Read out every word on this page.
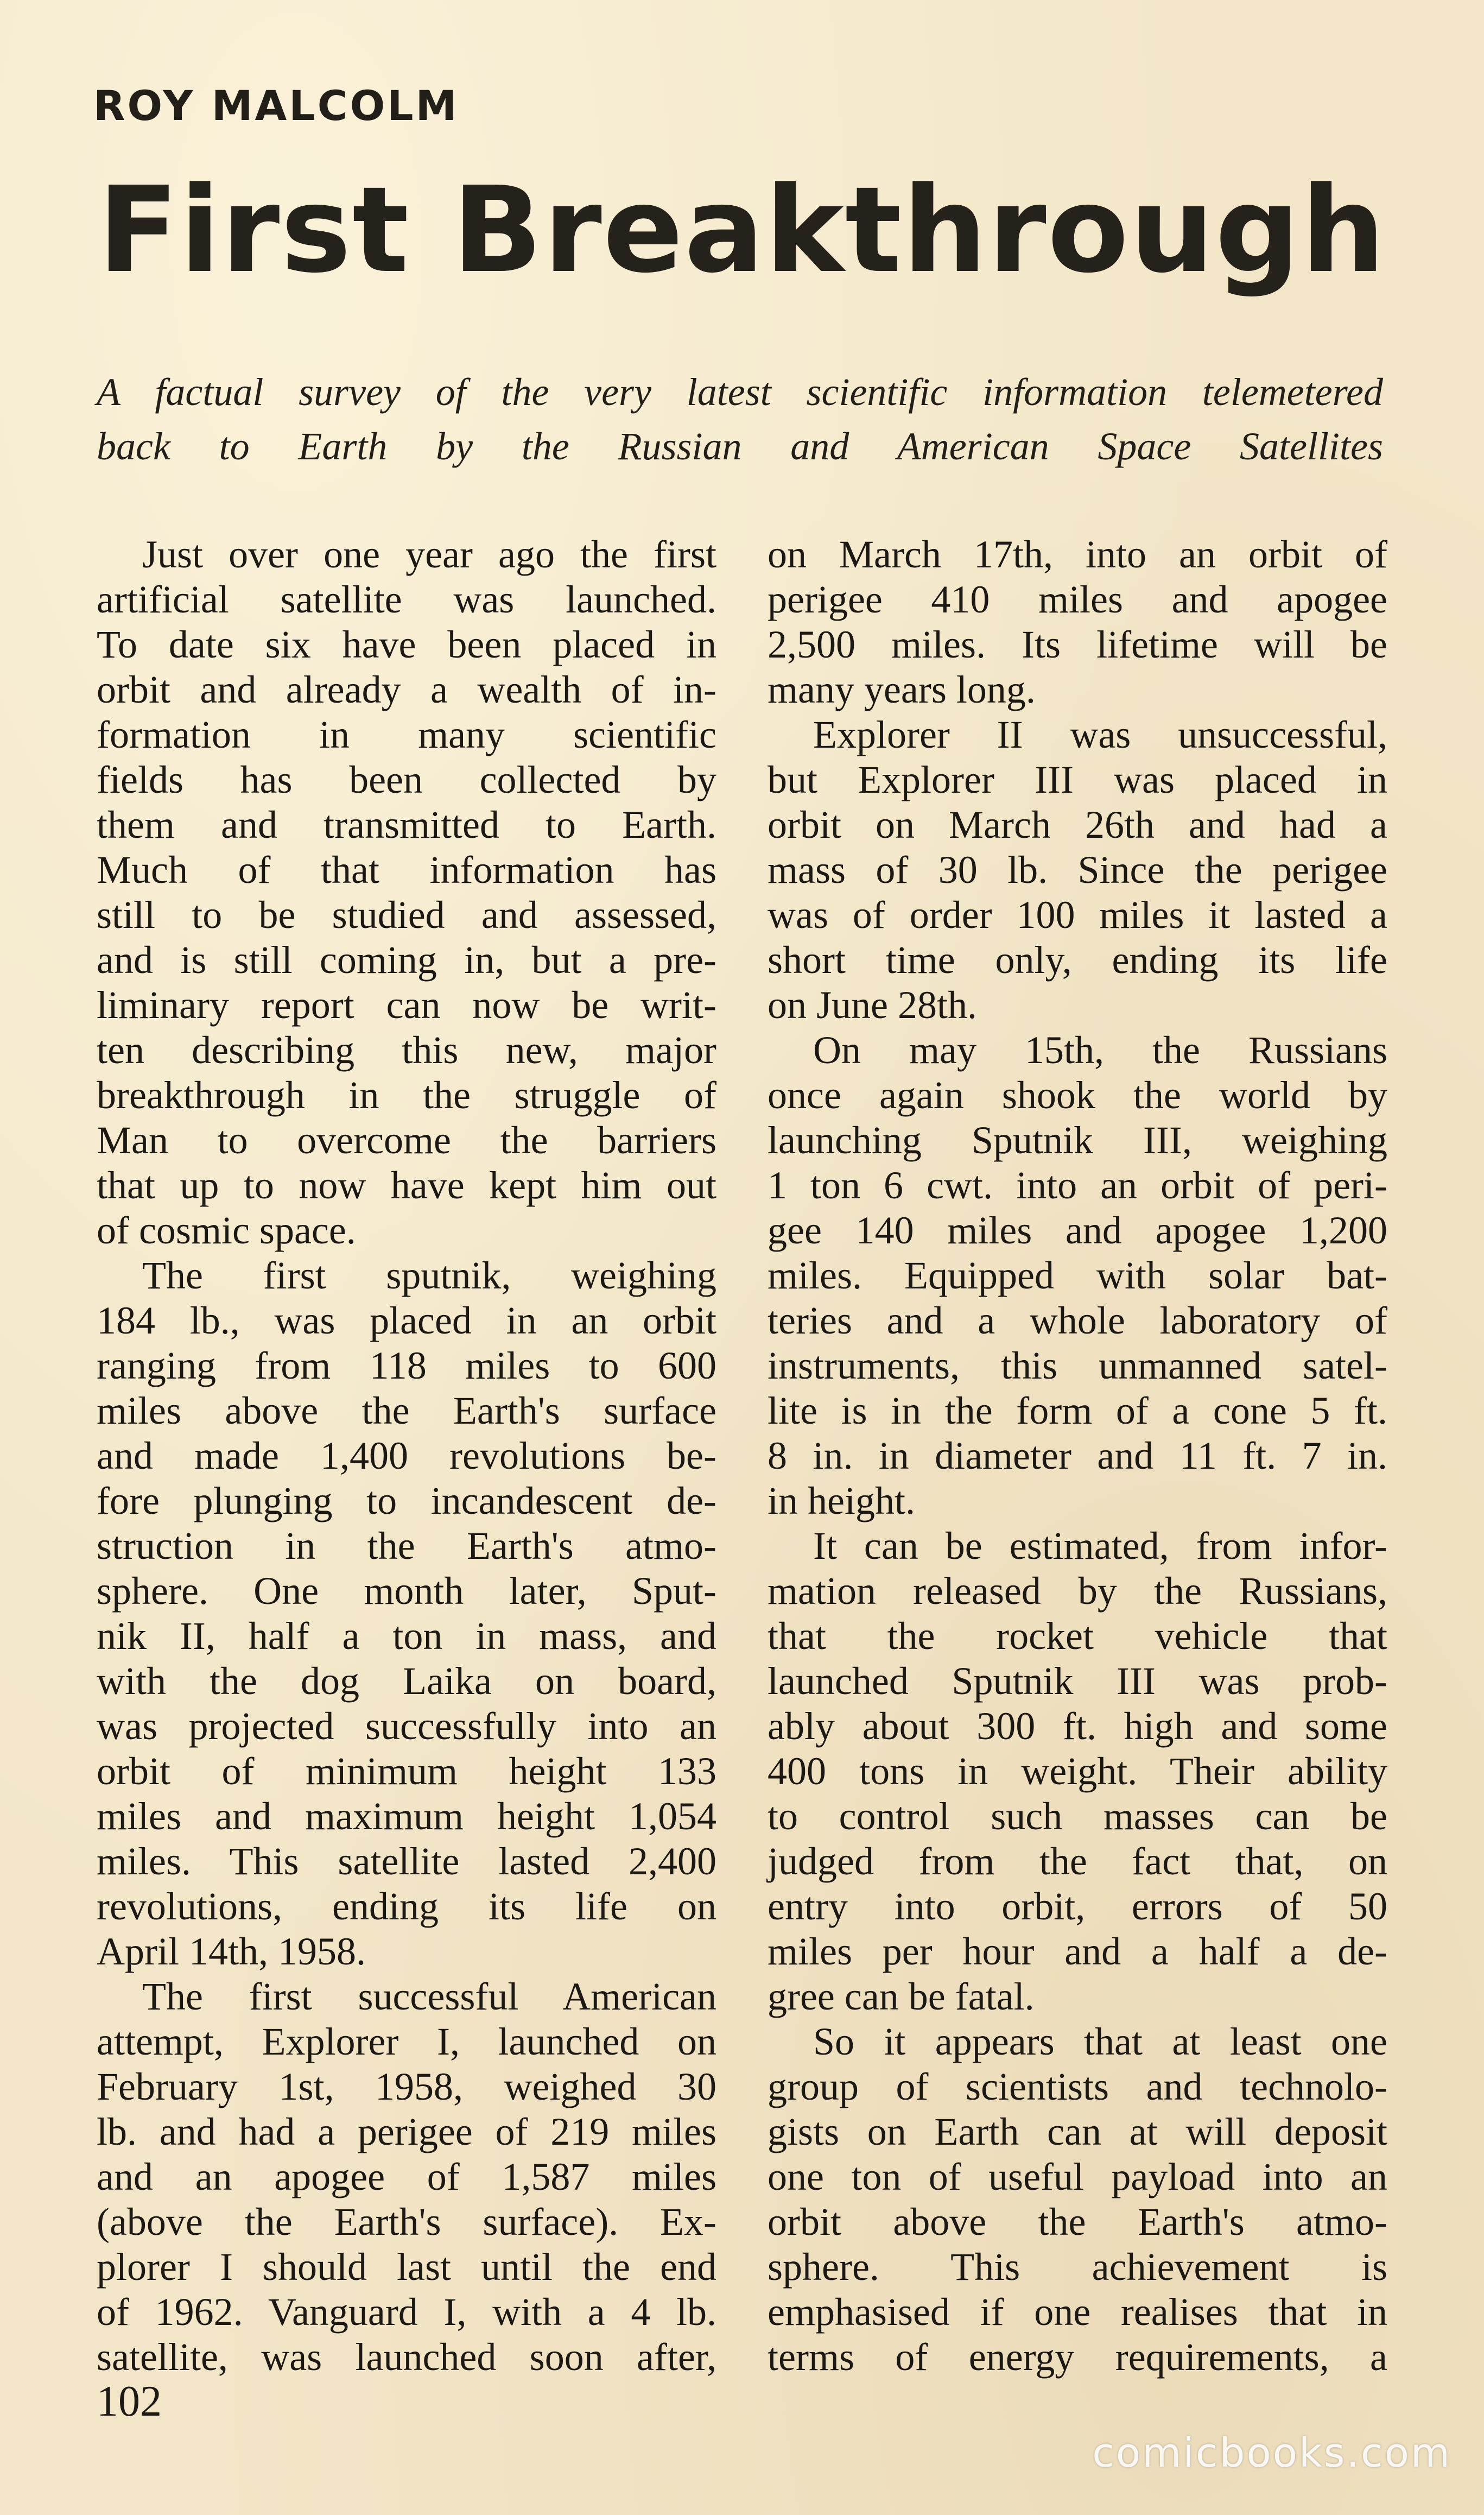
ROY MALCOLM
First Breakthrough

A factual survey of the very latest scientific information telemetered

back to Earth by the Russian and American Space Satellites

Just over one year ago the first
artificial satellite was launched.
To date six have been placed in
orbit and already a wealth of in-
formation in many scientific
fields has been collected by
them and transmitted to Earth.
Much of that information has
still to be studied and assessed,
and is still coming in, but a pre-
liminary report can now be writ-
ten describing this new, major
breakthrough in the struggle of
Man to overcome the barriers
that up to now have kept him out
of cosmic space.
The first sputnik, weighing
184 lb., was placed in an orbit
ranging from 118 miles to 600
miles above the Earth's surface
and made 1,400 revolutions be-
fore plunging to incandescent de-
struction in the Earth's atmo-
sphere. One month later, Sput-
nik II, half a ton in mass, and
with the dog Laika on board,
was projected successfully into an
orbit of minimum height 133
miles and maximum height 1,054
miles. This satellite lasted 2,400
revolutions, ending its life on
April 14th, 1958.
The first successful American
attempt, Explorer I, launched on
February 1st, 1958, weighed 30
lb. and had a perigee of 219 miles
and an apogee of 1,587 miles
(above the Earth's surface). Ex-
plorer I should last until the end
of 1962. Vanguard I, with a 4 lb.
satellite, was launched soon after,
on March 17th, into an orbit of
perigee 410 miles and apogee
2,500 miles. Its lifetime will be
many years long.
Explorer II was unsuccessful,
but Explorer III was placed in
orbit on March 26th and had a
mass of 30 lb. Since the perigee
was of order 100 miles it lasted a
short time only, ending its life
on June 28th.
On may 15th, the Russians
once again shook the world by
launching Sputnik III, weighing
1 ton 6 cwt. into an orbit of peri-
gee 140 miles and apogee 1,200
miles. Equipped with solar bat-
teries and a whole laboratory of
instruments, this unmanned satel-
lite is in the form of a cone 5 ft.
8 in. in diameter and 11 ft. 7 in.
in height.
It can be estimated, from infor-
mation released by the Russians,
that the rocket vehicle that
launched Sputnik III was prob-
ably about 300 ft. high and some
400 tons in weight. Their ability
to control such masses can be
judged from the fact that, on
entry into orbit, errors of 50
miles per hour and a half a de-
gree can be fatal.
So it appears that at least one
group of scientists and technolo-
gists on Earth can at will deposit
one ton of useful payload into an
orbit above the Earth's atmo-
sphere. This achievement is
emphasised if one realises that in
terms of energy requirements, a
102
comicbooks.com
